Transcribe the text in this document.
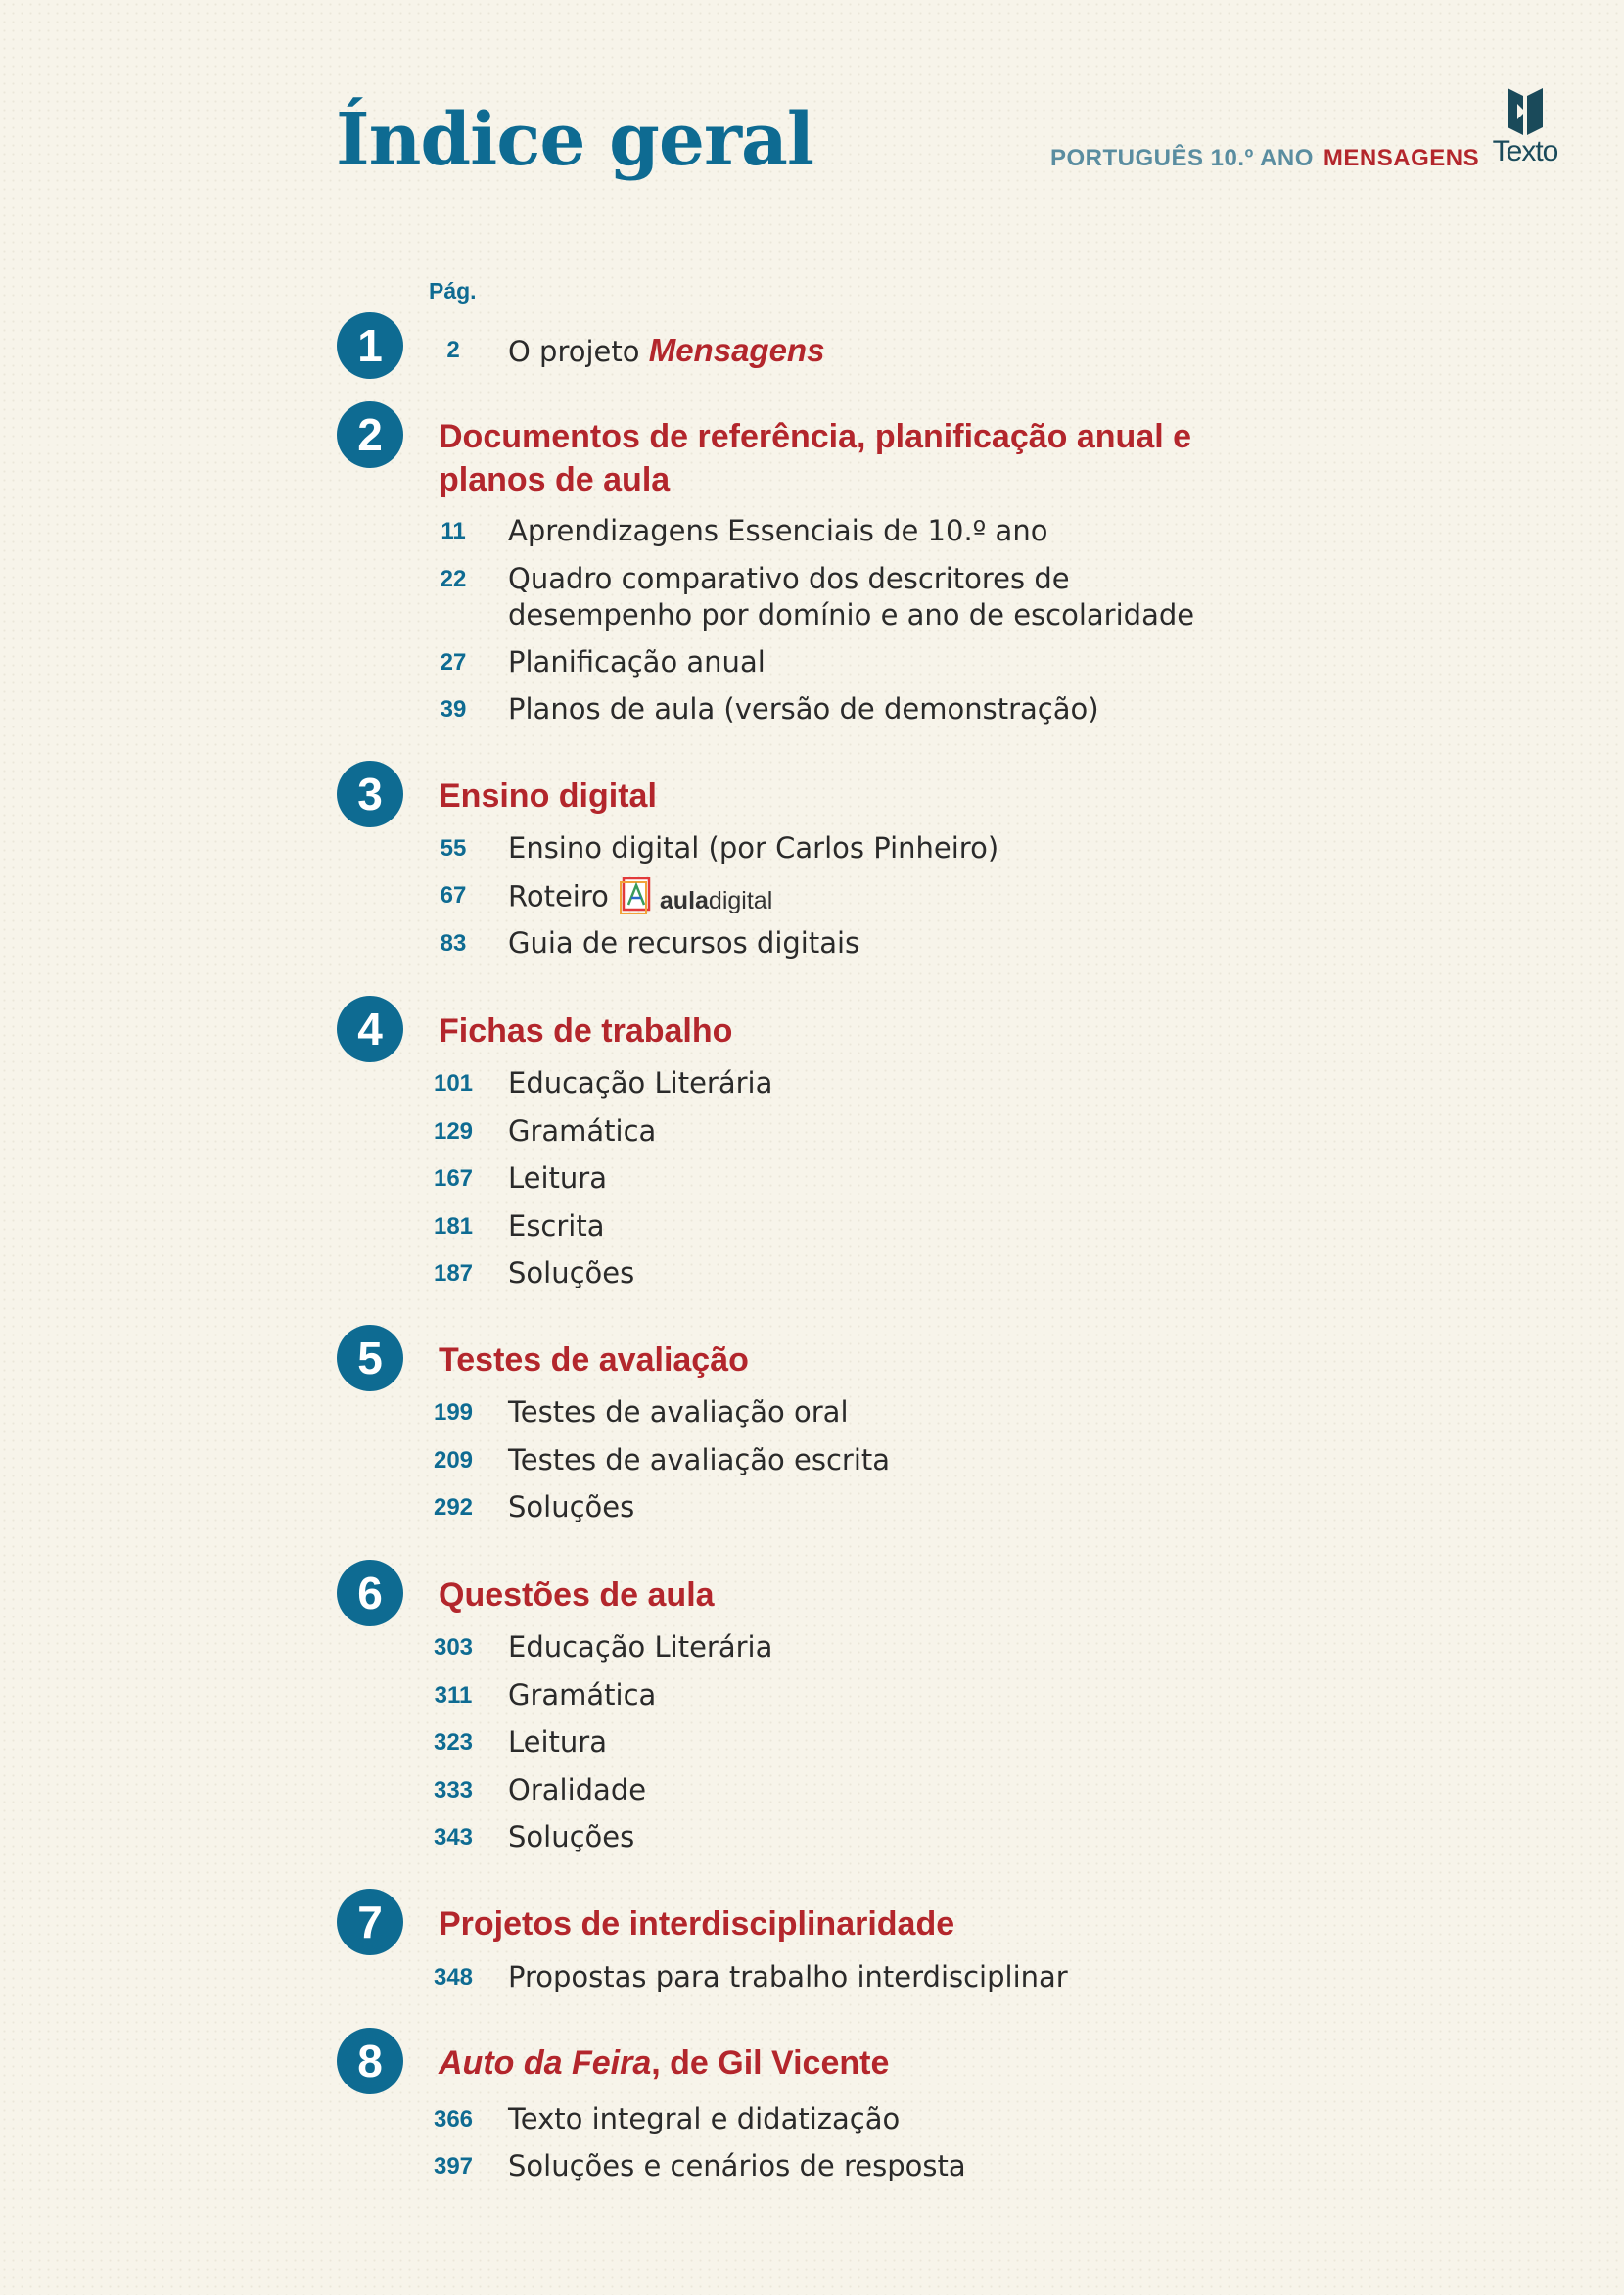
Índice geral	PORTUGUÊS 10.º ANO MENSAGENS Texto
Pág.
1	2	O projeto Mensagens
2	Documentos de referência, planificação anual e planos de aula
11	Aprendizagens Essenciais de 10.º ano
22	Quadro comparativo dos descritores de desempenho por domínio e ano de escolaridade
27	Planificação anual
39	Planos de aula (versão de demonstração)
3	Ensino digital
55	Ensino digital (por Carlos Pinheiro)
67	Roteiro auladigital
83	Guia de recursos digitais
4	Fichas de trabalho
101 Educação Literária
129 Gramática
167 Leitura
181 Escrita
187 Soluções
5	Testes de avaliação
199 Testes de avaliação oral
209 Testes de avaliação escrita
292 Soluções
6	Questões de aula
303 Educação Literária
311 Gramática
323 Leitura
333 Oralidade
343 Soluções
7	Projetos de interdisciplinaridade
348 Propostas para trabalho interdisciplinar
8	Auto da Feira, de Gil Vicente
366 Texto integral e didatização
397 Soluções e cenários de resposta
